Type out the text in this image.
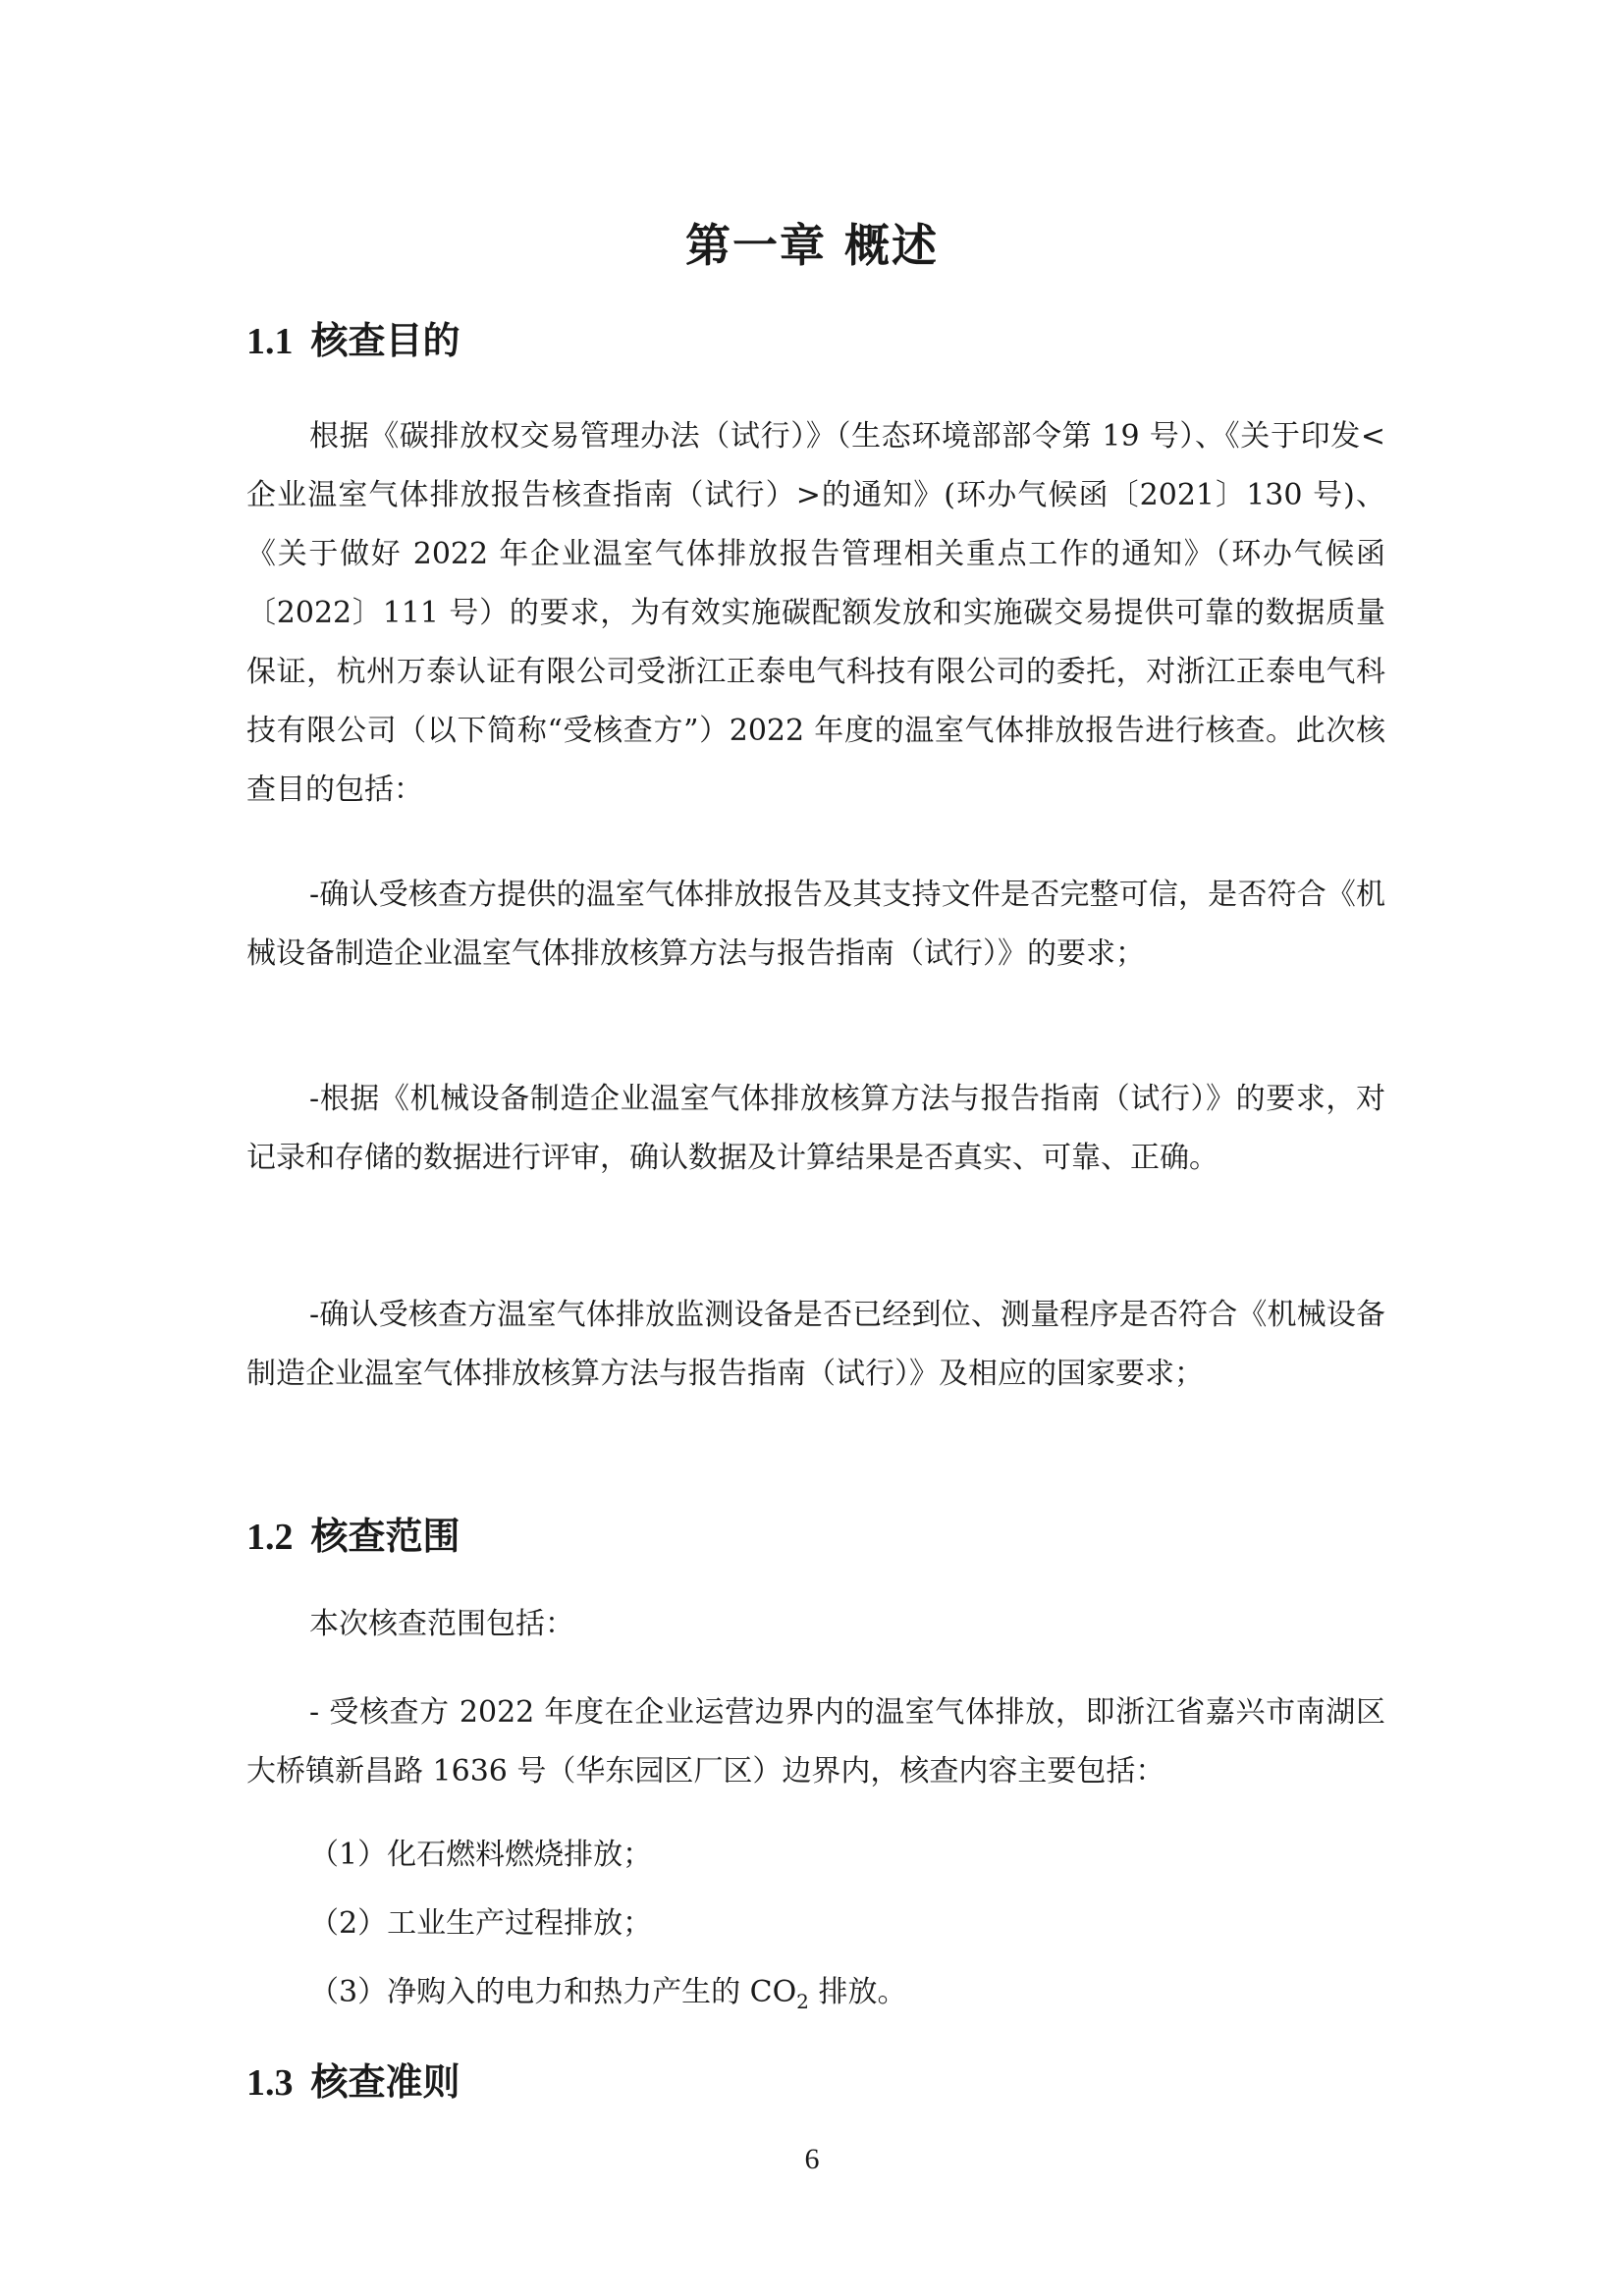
第一章 概述
1.1 核查目的
根据《碳排放权交易管理办法（试行）》（生态环境部部令第 19 号）、《关于印发<企业温室气体排放报告核查指南（试行）>的通知》(环办气候函〔2021〕130 号)、《关于做好 2022 年企业温室气体排放报告管理相关重点工作的通知》（环办气候函〔2022〕111 号）的要求，为有效实施碳配额发放和实施碳交易提供可靠的数据质量保证，杭州万泰认证有限公司受浙江正泰电气科技有限公司的委托，对浙江正泰电气科技有限公司（以下简称“受核查方”）2022 年度的温室气体排放报告进行核查。此次核查目的包括：
-确认受核查方提供的温室气体排放报告及其支持文件是否完整可信，是否符合《机械设备制造企业温室气体排放核算方法与报告指南（试行）》的要求；
-根据《机械设备制造企业温室气体排放核算方法与报告指南（试行）》的要求，对记录和存储的数据进行评审，确认数据及计算结果是否真实、可靠、正确。
-确认受核查方温室气体排放监测设备是否已经到位、测量程序是否符合《机械设备制造企业温室气体排放核算方法与报告指南（试行）》及相应的国家要求；
1.2 核查范围
本次核查范围包括：
- 受核查方 2022 年度在企业运营边界内的温室气体排放，即浙江省嘉兴市南湖区大桥镇新昌路 1636 号（华东园区厂区）边界内，核查内容主要包括：
（1）化石燃料燃烧排放；
（2）工业生产过程排放；
（3）净购入的电力和热力产生的 $CO_2$ 排放。
1.3 核查准则
6
